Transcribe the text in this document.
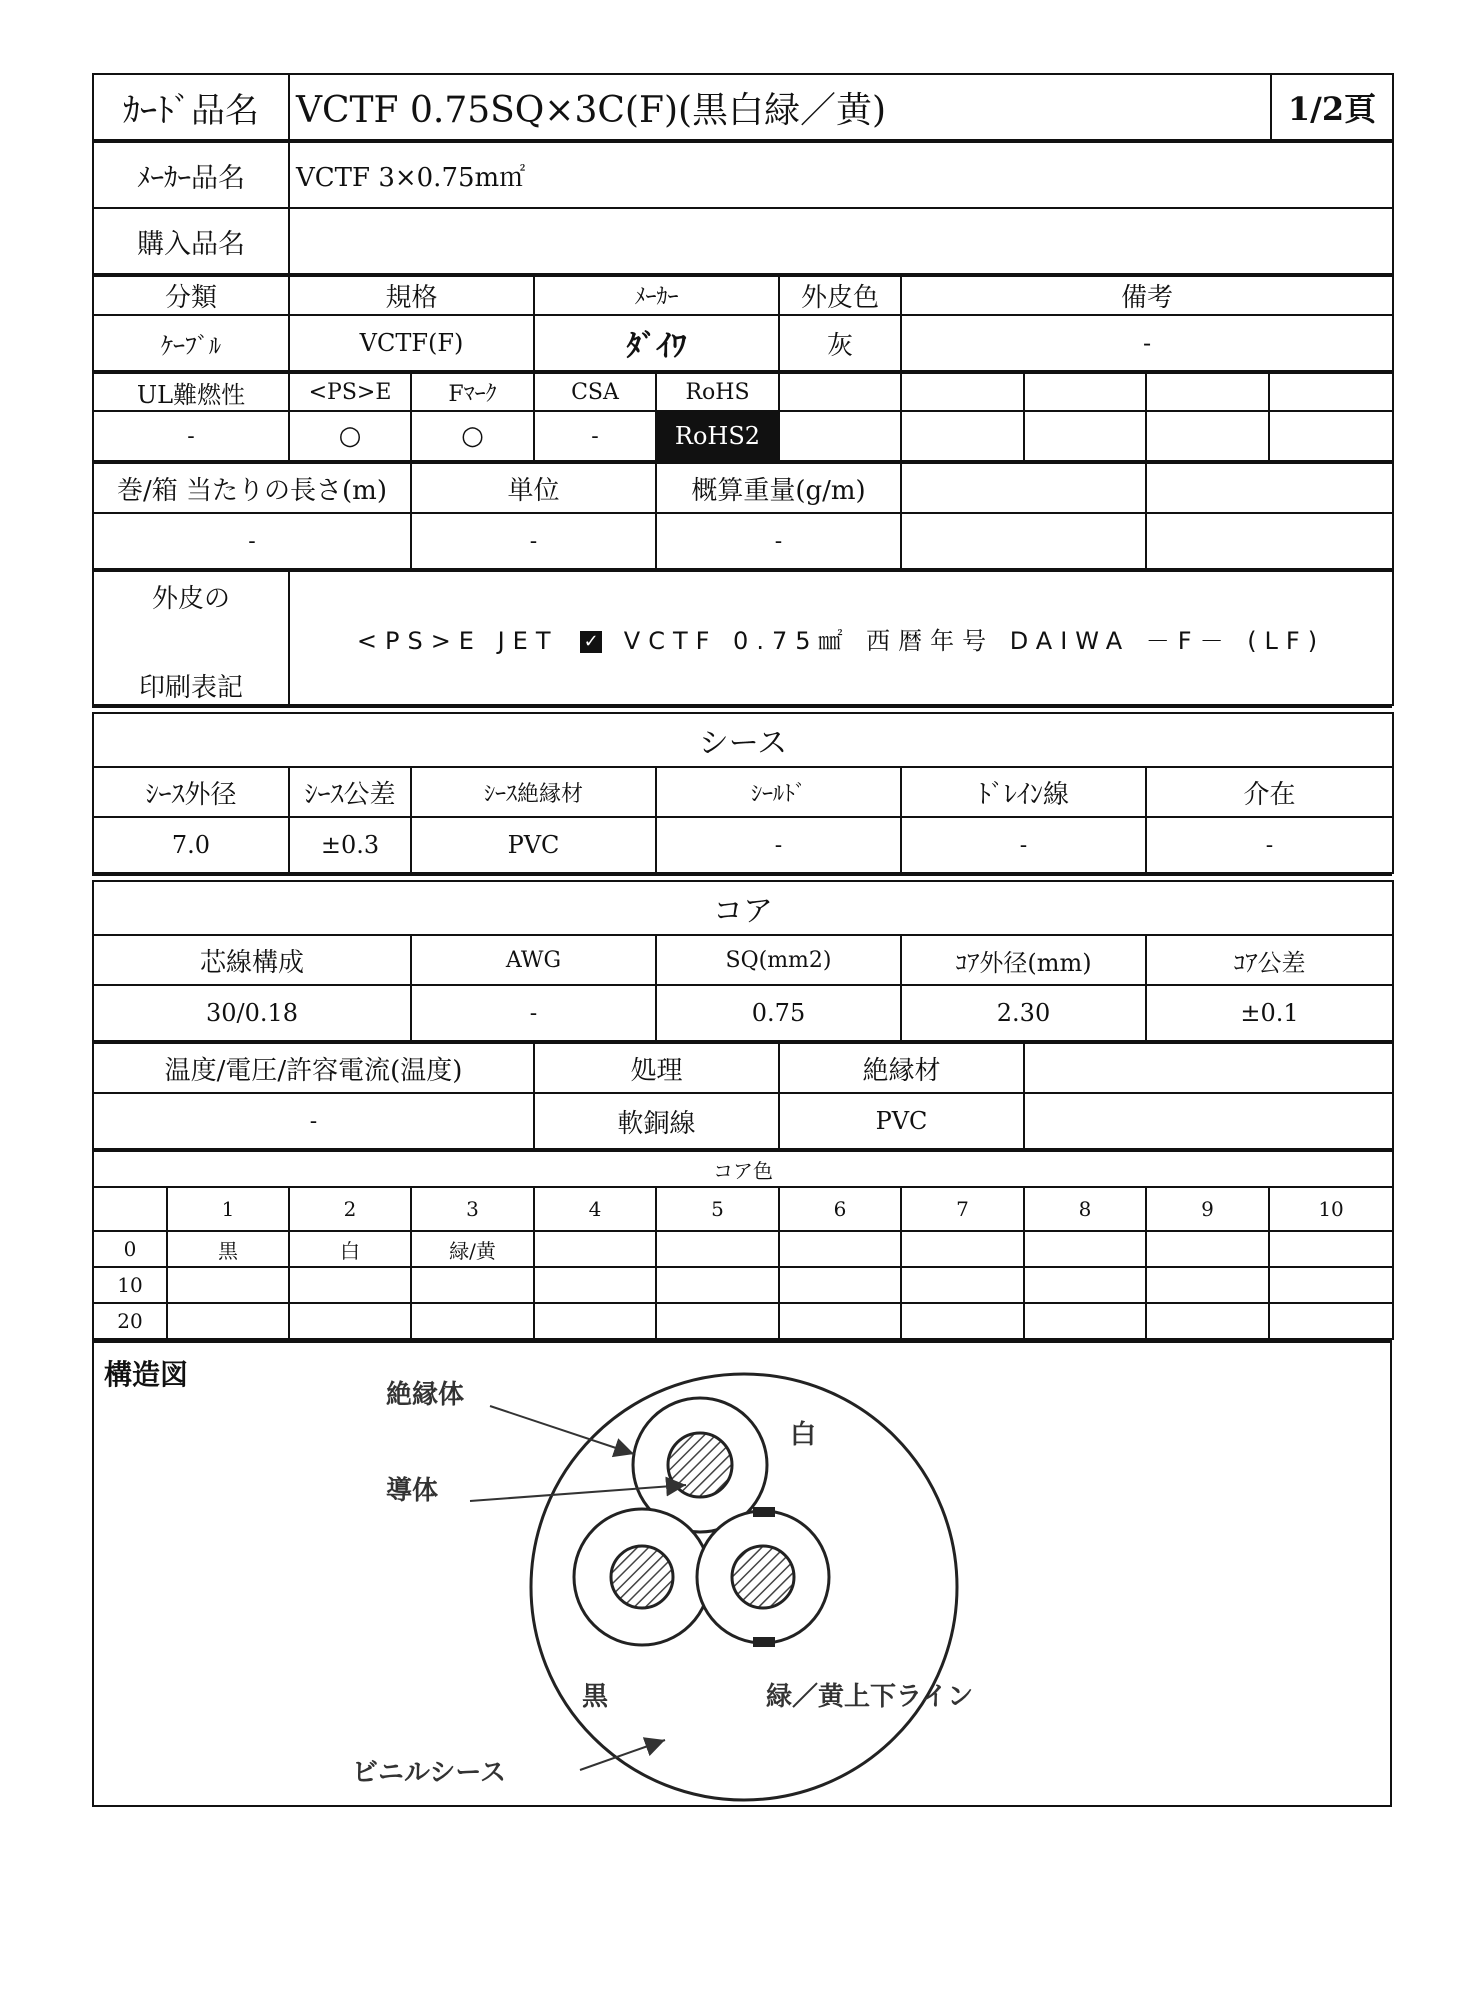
ｶｰﾄﾞ品名	VCTF 0.75SQ×3C(F)(黒白緑／黄)	1/2頁
ﾒｰｶｰ品名	VCTF 3×0.75m㎡
購入品名	
分類	規格	ﾒｰｶｰ	外皮色	備考
ｹｰﾌﾞﾙ	VCTF(F)	ﾀﾞｲﾜ	灰	-
UL難燃性	<PS>E	Fﾏｰｸ	CSA	RoHS					
-	○	○	-	RoHS2					
巻/箱 当たりの長さ(m)	単位	概算重量(g/m)		
-	-	-		
外皮の
印刷表記
	<PS>E JET ✓ VCTF 0.75㎟ 西暦年号 DAIWA －F－ (LF)
シース					
ｼｰｽ外径	ｼｰｽ公差	ｼｰｽ絶縁材	ｼｰﾙﾄﾞ	ﾄﾞﾚｲﾝ線	介在
7.0	±0.3	PVC	-	-	-
コア				
芯線構成	AWG	SQ(mm2)	ｺｱ外径(mm)	ｺｱ公差
30/0.18	-	0.75	2.30	±0.1
温度/電圧/許容電流(温度)	処理	絶縁材	
-	軟銅線	PVC	
コア色										
	1	2	3	4	5	6	7	8	9	10
0	黒	白	緑/黄							
10										
20										
構造図
絶縁体
導体
白
黒	緑／黄上下ライン
ビニルシース
